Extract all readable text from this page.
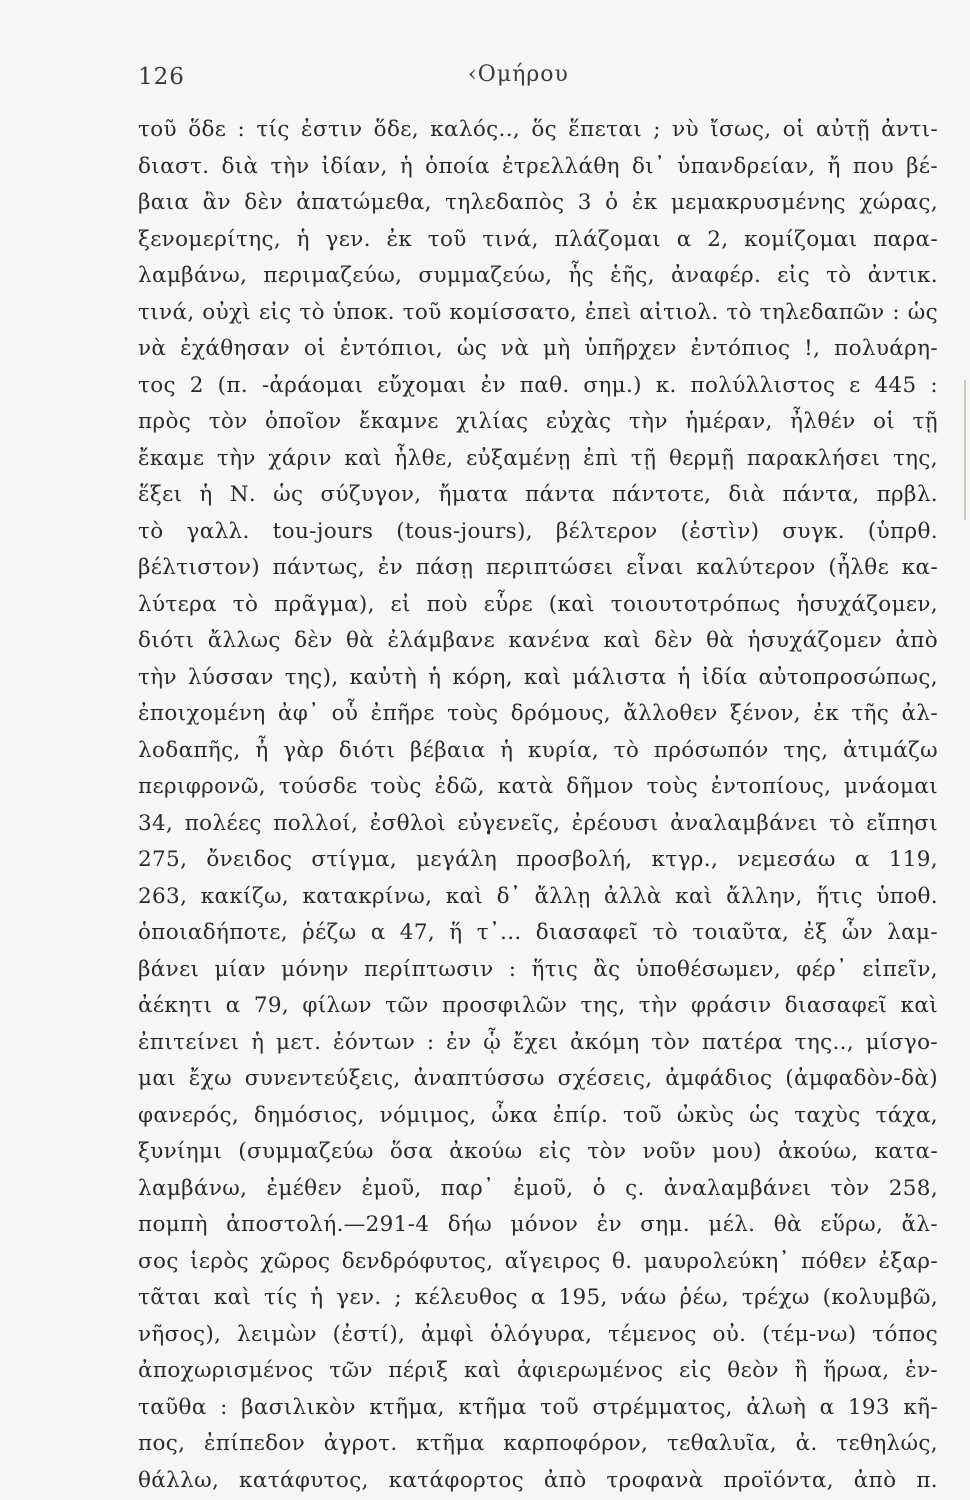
126	‹Ομήρου
τοῦ ὅδε : τίς ἐστιν ὅδε, καλός.., ὅς ἕπεται ; νὺ ἴσως, οἱ αὐτῇ ἀντι-
διαστ. διὰ τὴν ἰδίαν, ἡ ὁποία ἐτρελλάθη δι᾽ ὑπανδρείαν, ἤ που βέ-
βαια ἂν δὲν ἀπατώμεθα, τηλεδαπὸς 3 ὁ ἐκ μεμακρυσμένης χώρας,
ξενομερίτης, ἡ γεν. ἐκ τοῦ τινά, πλάζομαι α 2, κομίζομαι παρα-
λαμβάνω, περιμαζεύω, συμμαζεύω, ἧς ἑῆς, ἀναφέρ. εἰς τὸ ἀντικ.
τινά, οὐχὶ εἰς τὸ ὑποκ. τοῦ κομίσσατο, ἐπεὶ αἰτιολ. τὸ τηλεδαπῶν : ὡς
νὰ ἐχάθησαν οἱ ἐντόπιοι, ὡς νὰ μὴ ὑπῆρχεν ἐντόπιος !, πολυάρη-
τος 2 (π. -ἀράομαι εὔχομαι ἐν παθ. σημ.) κ. πολύλλιστος ε 445 :
πρὸς τὸν ὁποῖον ἔκαμνε χιλίας εὐχὰς τὴν ἡμέραν, ἦλθέν οἱ τῇ
ἔκαμε τὴν χάριν καὶ ἦλθε, εὐξαμένῃ ἐπὶ τῇ θερμῇ παρακλήσει της,
ἕξει ἡ Ν. ὡς σύζυγον, ἤματα πάντα πάντοτε, διὰ πάντα, πρβλ.
τὸ γαλλ. tou-jours (tous-jours), βέλτερον (ἐστὶν) συγκ. (ὑπρθ.
βέλτιστον) πάντως, ἐν πάσῃ περιπτώσει εἶναι καλύτερον (ἦλθε κα-
λύτερα τὸ πρᾶγμα), εἰ ποὺ εὗρε (καὶ τοιουτοτρόπως ἡσυχάζομεν,
διότι ἄλλως δὲν θὰ ἐλάμβανε κανένα καὶ δὲν θὰ ἡσυχάζομεν ἀπὸ
τὴν λύσσαν της), καὐτὴ ἡ κόρη, καὶ μάλιστα ἡ ἰδία αὐτοπροσώπως,
ἐποιχομένη ἀφ᾽ οὗ ἐπῆρε τοὺς δρόμους, ἄλλοθεν ξένον, ἐκ τῆς ἀλ-
λοδαπῆς, ἦ γὰρ διότι βέβαια ἡ κυρία, τὸ πρόσωπόν της, ἀτιμάζω
περιφρονῶ, τούσδε τοὺς ἐδῶ, κατὰ δῆμον τοὺς ἐντοπίους, μνάομαι
34, πολέες πολλοί, ἐσθλοὶ εὐγενεῖς, ἐρέουσι ἀναλαμβάνει τὸ εἴπησι
275, ὄνειδος στίγμα, μεγάλη προσβολή, κτγρ., νεμεσάω α 119,
263, κακίζω, κατακρίνω, καὶ δ᾽ ἄλλῃ ἀλλὰ καὶ ἄλλην, ἥτις ὑποθ.
ὁποιαδήποτε, ῥέζω α 47, ἥ τ᾽... διασαφεῖ τὸ τοιαῦτα, ἐξ ὧν λαμ-
βάνει μίαν μόνην περίπτωσιν : ἥτις ἂς ὑποθέσωμεν, φέρ᾽ εἰπεῖν,
ἀέκητι α 79, φίλων τῶν προσφιλῶν της, τὴν φράσιν διασαφεῖ καὶ
ἐπιτείνει ἡ μετ. ἐόντων : ἐν ᾧ ἔχει ἀκόμη τὸν πατέρα της.., μίσγο-
μαι ἔχω συνεντεύξεις, ἀναπτύσσω σχέσεις, ἀμφάδιος (ἀμφαδὸν-δὰ)
φανερός, δημόσιος, νόμιμος, ὦκα ἐπίρ. τοῦ ὠκὺς ὡς ταχὺς τάχα,
ξυνίημι (συμμαζεύω ὅσα ἀκούω εἰς τὸν νοῦν μου) ἀκούω, κατα-
λαμβάνω, ἐμέθεν ἐμοῦ, παρ᾽ ἐμοῦ, ὁ ς. ἀναλαμβάνει τὸν 258,
πομπὴ ἀποστολή.—291-4 δήω μόνον ἐν σημ. μέλ. θὰ εὕρω, ἄλ-
σος ἱερὸς χῶρος δενδρόφυτος, αἴγειρος θ. μαυρολεύκη᾽ πόθεν ἐξαρ-
τᾶται καὶ τίς ἡ γεν. ; κέλευθος α 195, νάω ῥέω, τρέχω (κολυμβῶ,
νῆσος), λειμὼν (ἐστί), ἀμφὶ ὁλόγυρα, τέμενος οὐ. (τέμ-νω) τόπος
ἀποχωρισμένος τῶν πέριξ καὶ ἀφιερωμένος εἰς θεὸν ἢ ἥρωα, ἐν-
ταῦθα : βασιλικὸν κτῆμα, κτῆμα τοῦ στρέμματος, ἀλωὴ α 193 κῆ-
πος, ἐπίπεδον ἀγροτ. κτῆμα καρποφόρον, τεθαλυῖα, ἀ. τεθηλώς,
θάλλω, κατάφυτος, κατάφορτος ἀπὸ τροφανὰ προϊόντα, ἀπὸ π.
